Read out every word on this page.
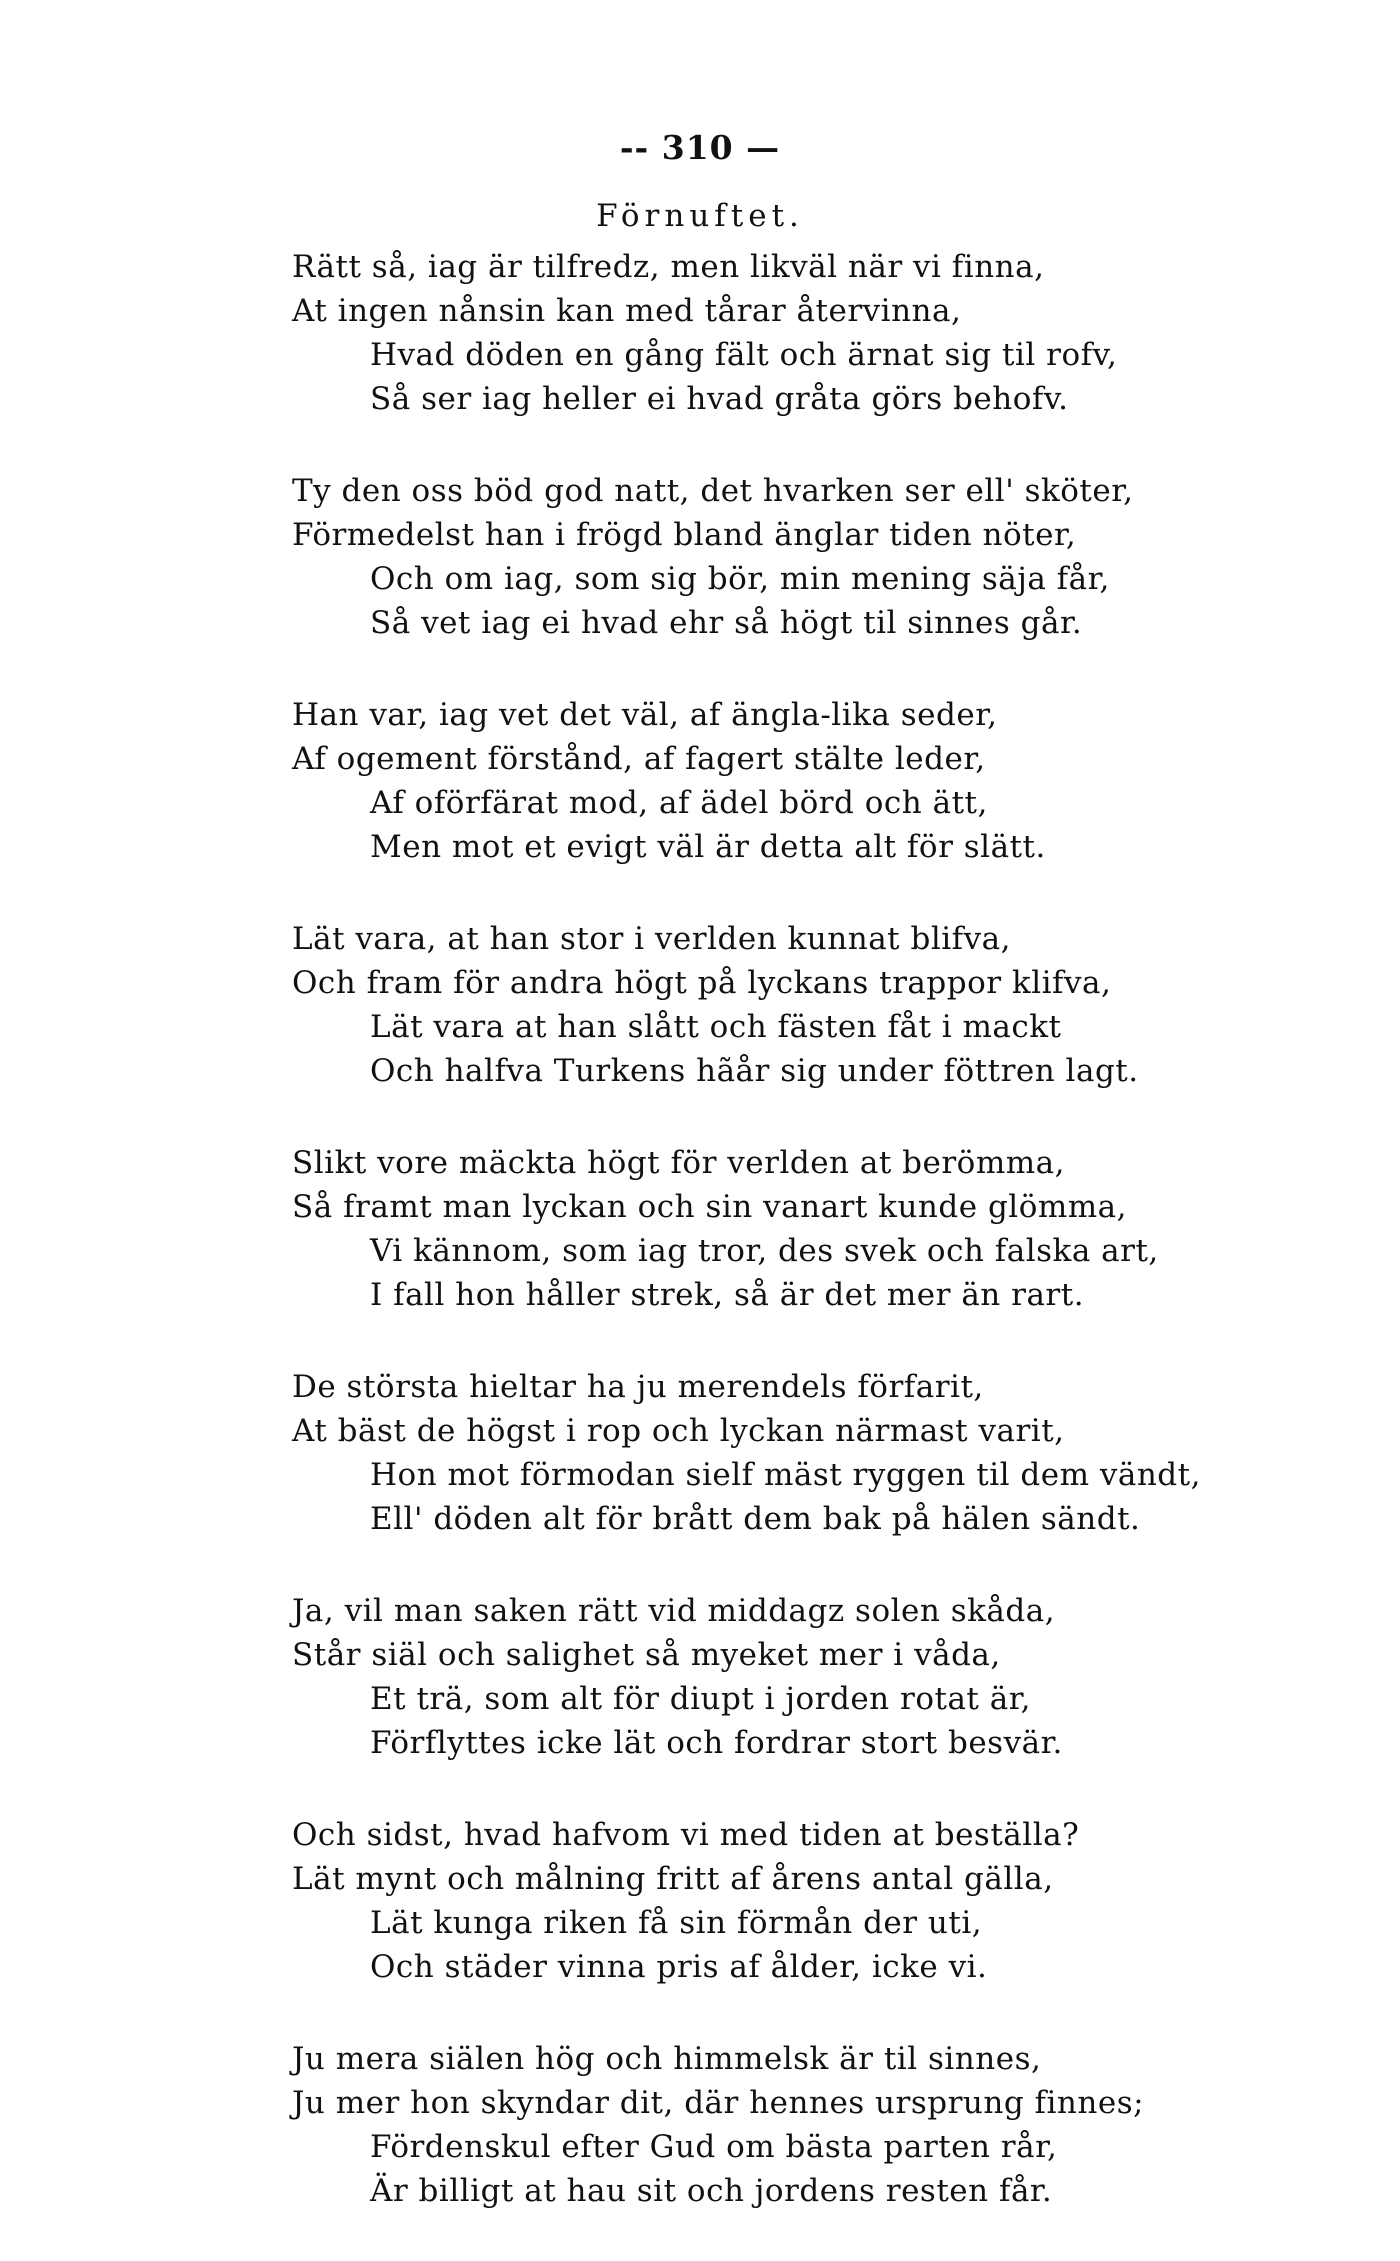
-- 310 —
Förnuftet.
Rätt så, iag är tilfredz, men likväl när vi finna,
At ingen nånsin kan med tårar återvinna,
Hvad döden en gång fält och ärnat sig til rofv,
Så ser iag heller ei hvad gråta görs behofv.
Ty den oss böd god natt, det hvarken ser ell' sköter,
Förmedelst han i frögd bland änglar tiden nöter,
Och om iag, som sig bör, min mening säja får,
Så vet iag ei hvad ehr så högt til sinnes går.
Han var, iag vet det väl, af ängla-lika seder,
Af ogement förstånd, af fagert stälte leder,
Af oförfärat mod, af ädel börd och ätt,
Men mot et evigt väl är detta alt för slätt.
Lät vara, at han stor i verlden kunnat blifva,
Och fram för andra högt på lyckans trappor klifva,
Lät vara at han slått och fästen fåt i mackt
Och halfva Turkens hãår sig under föttren lagt.
Slikt vore mäckta högt för verlden at berömma,
Så framt man lyckan och sin vanart kunde glömma,
Vi kännom, som iag tror, des svek och falska art,
I fall hon håller strek, så är det mer än rart.
De största hieltar ha ju merendels förfarit,
At bäst de högst i rop och lyckan närmast varit,
Hon mot förmodan sielf mäst ryggen til dem vändt,
Ell' döden alt för brått dem bak på hälen sändt.
Ja, vil man saken rätt vid middagz solen skåda,
Står siäl och salighet så myeket mer i våda,
Et trä, som alt för diupt i jorden rotat är,
Förflyttes icke lät och fordrar stort besvär.
Och sidst, hvad hafvom vi med tiden at beställa?
Lät mynt och målning fritt af årens antal gälla,
Lät kunga riken få sin förmån der uti,
Och städer vinna pris af ålder, icke vi.
Ju mera siälen hög och himmelsk är til sinnes,
Ju mer hon skyndar dit, där hennes ursprung finnes;
Fördenskul efter Gud om bästa parten rår,
Är billigt at hau sit och jordens resten får.
